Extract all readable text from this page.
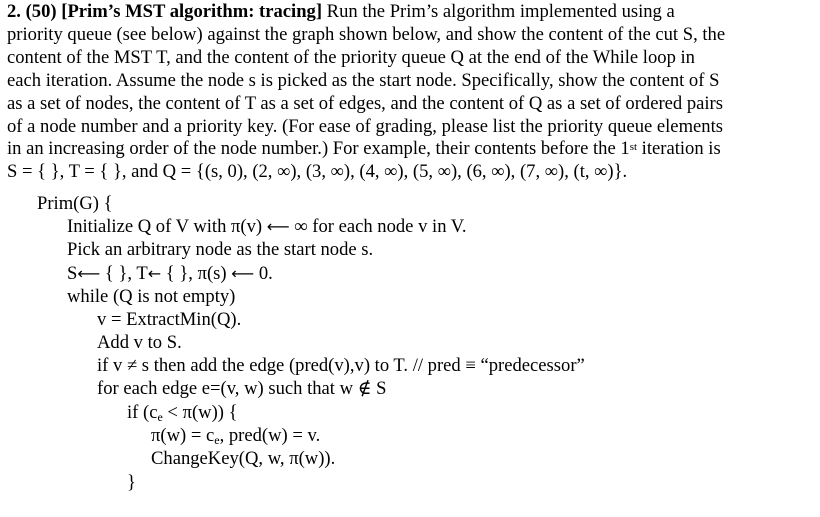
2. (50) [Prim’s MST algorithm: tracing] Run the Prim’s algorithm implemented using a
priority queue (see below) against the graph shown below, and show the content of the cut S, the
content of the MST T, and the content of the priority queue Q at the end of the While loop in
each iteration. Assume the node s is picked as the start node. Specifically, show the content of S
as a set of nodes, the content of T as a set of edges, and the content of Q as a set of ordered pairs
of a node number and a priority key. (For ease of grading, please list the priority queue elements
in an increasing order of the node number.) For example, their contents before the 1st iteration is
S = { }, T = { }, and Q = {(s, 0), (2, ∞), (3, ∞), (4, ∞), (5, ∞), (6, ∞), (7, ∞), (t, ∞)}.
Prim(G) {
Initialize Q of V with π(v) ⟵ ∞ for each node v in V.
Pick an arbitrary node as the start node s.
S⟵ { }, T← { }, π(s) ⟵ 0.
while (Q is not empty)
v = ExtractMin(Q).
Add v to S.
if v ≠ s then add the edge (pred(v),v) to T. // pred ≡ “predecessor”
for each edge e=(v, w) such that w ∉ S
if $(c_e < \pi(w))$ {
$\pi(w) = c_e$, pred(w) = v.
ChangeKey(Q, w, π(w)).
}
